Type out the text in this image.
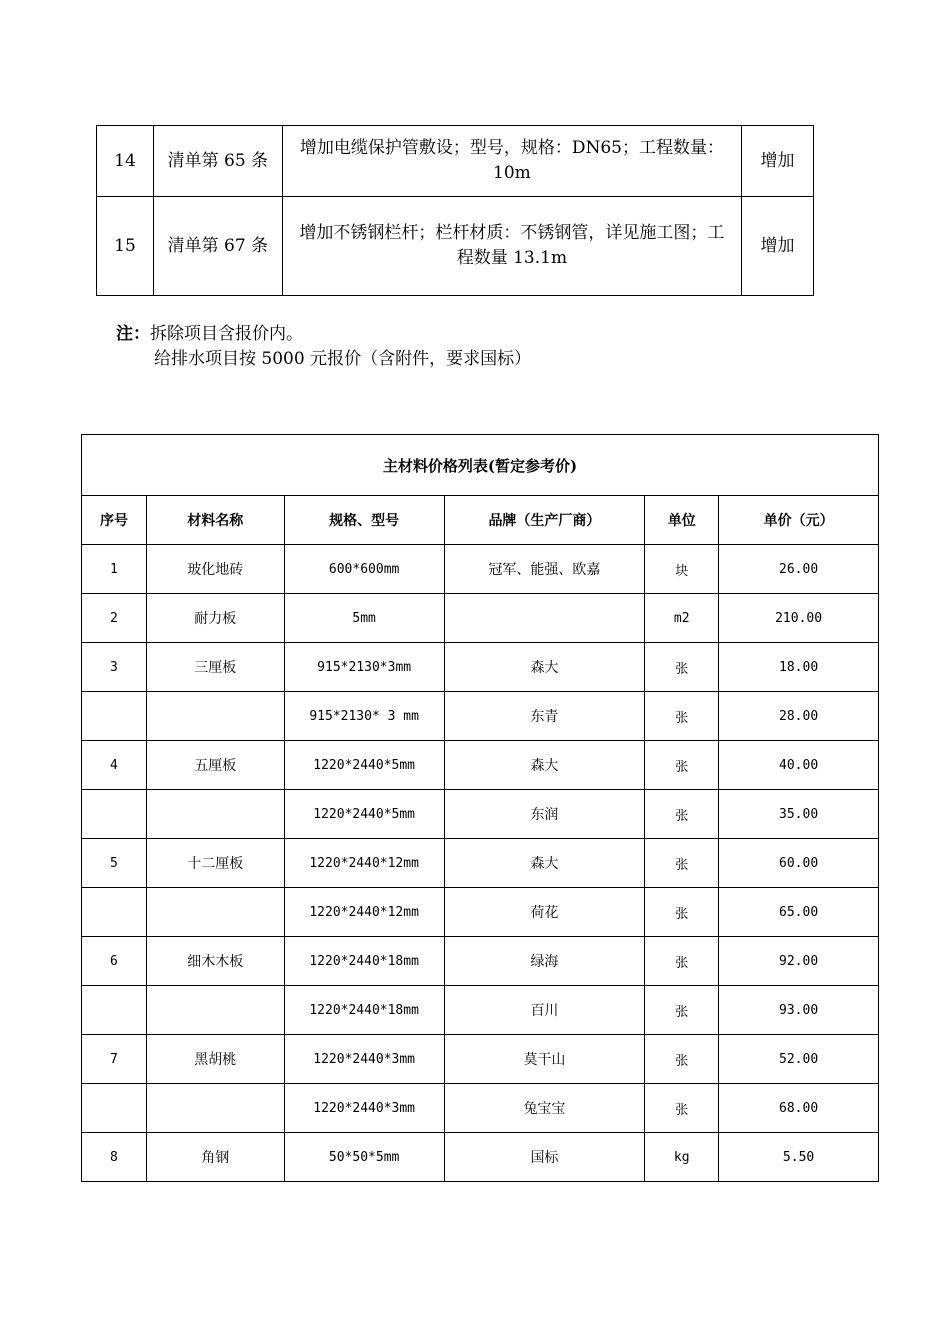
14	清单第 65 条	增加电缆保护管敷设；型号，规格：DN65；工程数量：10m	增加
15	清单第 67 条	增加不锈钢栏杆；栏杆材质：不锈钢管，详见施工图；工程数量 13.1m	增加
注：拆除项目含报价内。
给排水项目按 5000 元报价（含附件，要求国标）
主材料价格列表(暂定参考价)					
序号	材料名称	规格、型号	品牌（生产厂商）	单位	单价（元）
1	玻化地砖	600*600mm	冠军、能强、欧嘉	块	26.00
2	耐力板	5mm		m2	210.00
3	三厘板	915*2130*3mm	森大	张	18.00
		915*2130* 3 mm	东青	张	28.00
4	五厘板	1220*2440*5mm	森大	张	40.00
		1220*2440*5mm	东润	张	35.00
5	十二厘板	1220*2440*12mm	森大	张	60.00
		1220*2440*12mm	荷花	张	65.00
6	细木木板	1220*2440*18mm	绿海	张	92.00
		1220*2440*18mm	百川	张	93.00
7	黑胡桃	1220*2440*3mm	莫干山	张	52.00
		1220*2440*3mm	兔宝宝	张	68.00
8	角钢	50*50*5mm	国标	kg	5.50
